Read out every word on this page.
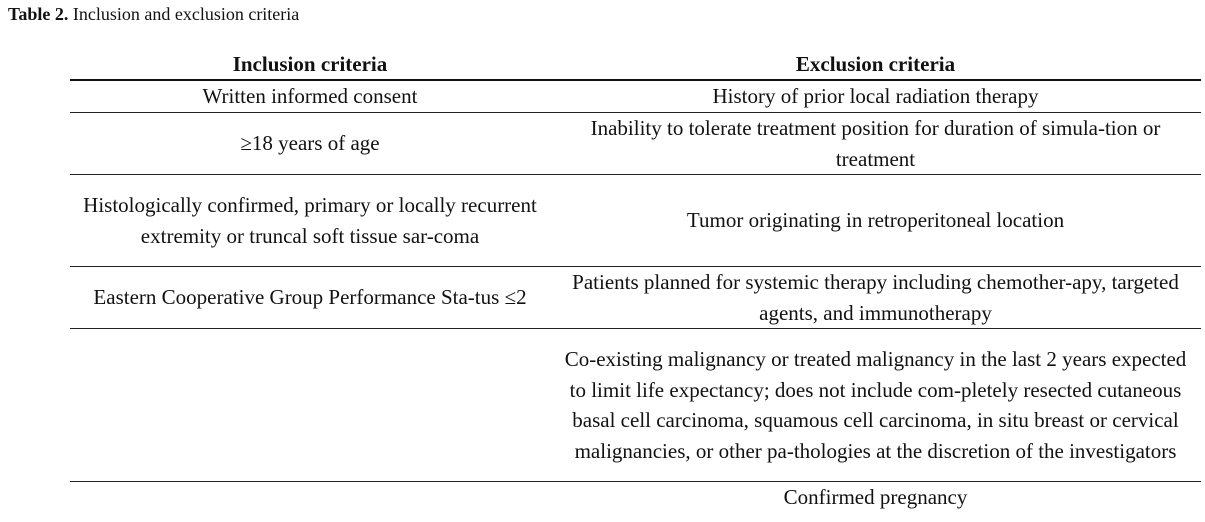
Table 2. Inclusion and exclusion criteria
Inclusion criteria	Exclusion criteria
Written informed consent	History of prior local radiation therapy
≥18 years of age	Inability to tolerate treatment position for duration of simula-tion or treatment
Histologically confirmed, primary or locally recurrent extremity or truncal soft tissue sar-coma	Tumor originating in retroperitoneal location
Eastern Cooperative Group Performance Sta-tus ≤2	Patients planned for systemic therapy including chemother-apy, targeted agents, and immunotherapy
	Co-existing malignancy or treated malignancy in the last 2 years expected to limit life expectancy; does not include com-pletely resected cutaneous basal cell carcinoma, squamous cell carcinoma, in situ breast or cervical malignancies, or other pa-thologies at the discretion of the investigators
	Confirmed pregnancy
